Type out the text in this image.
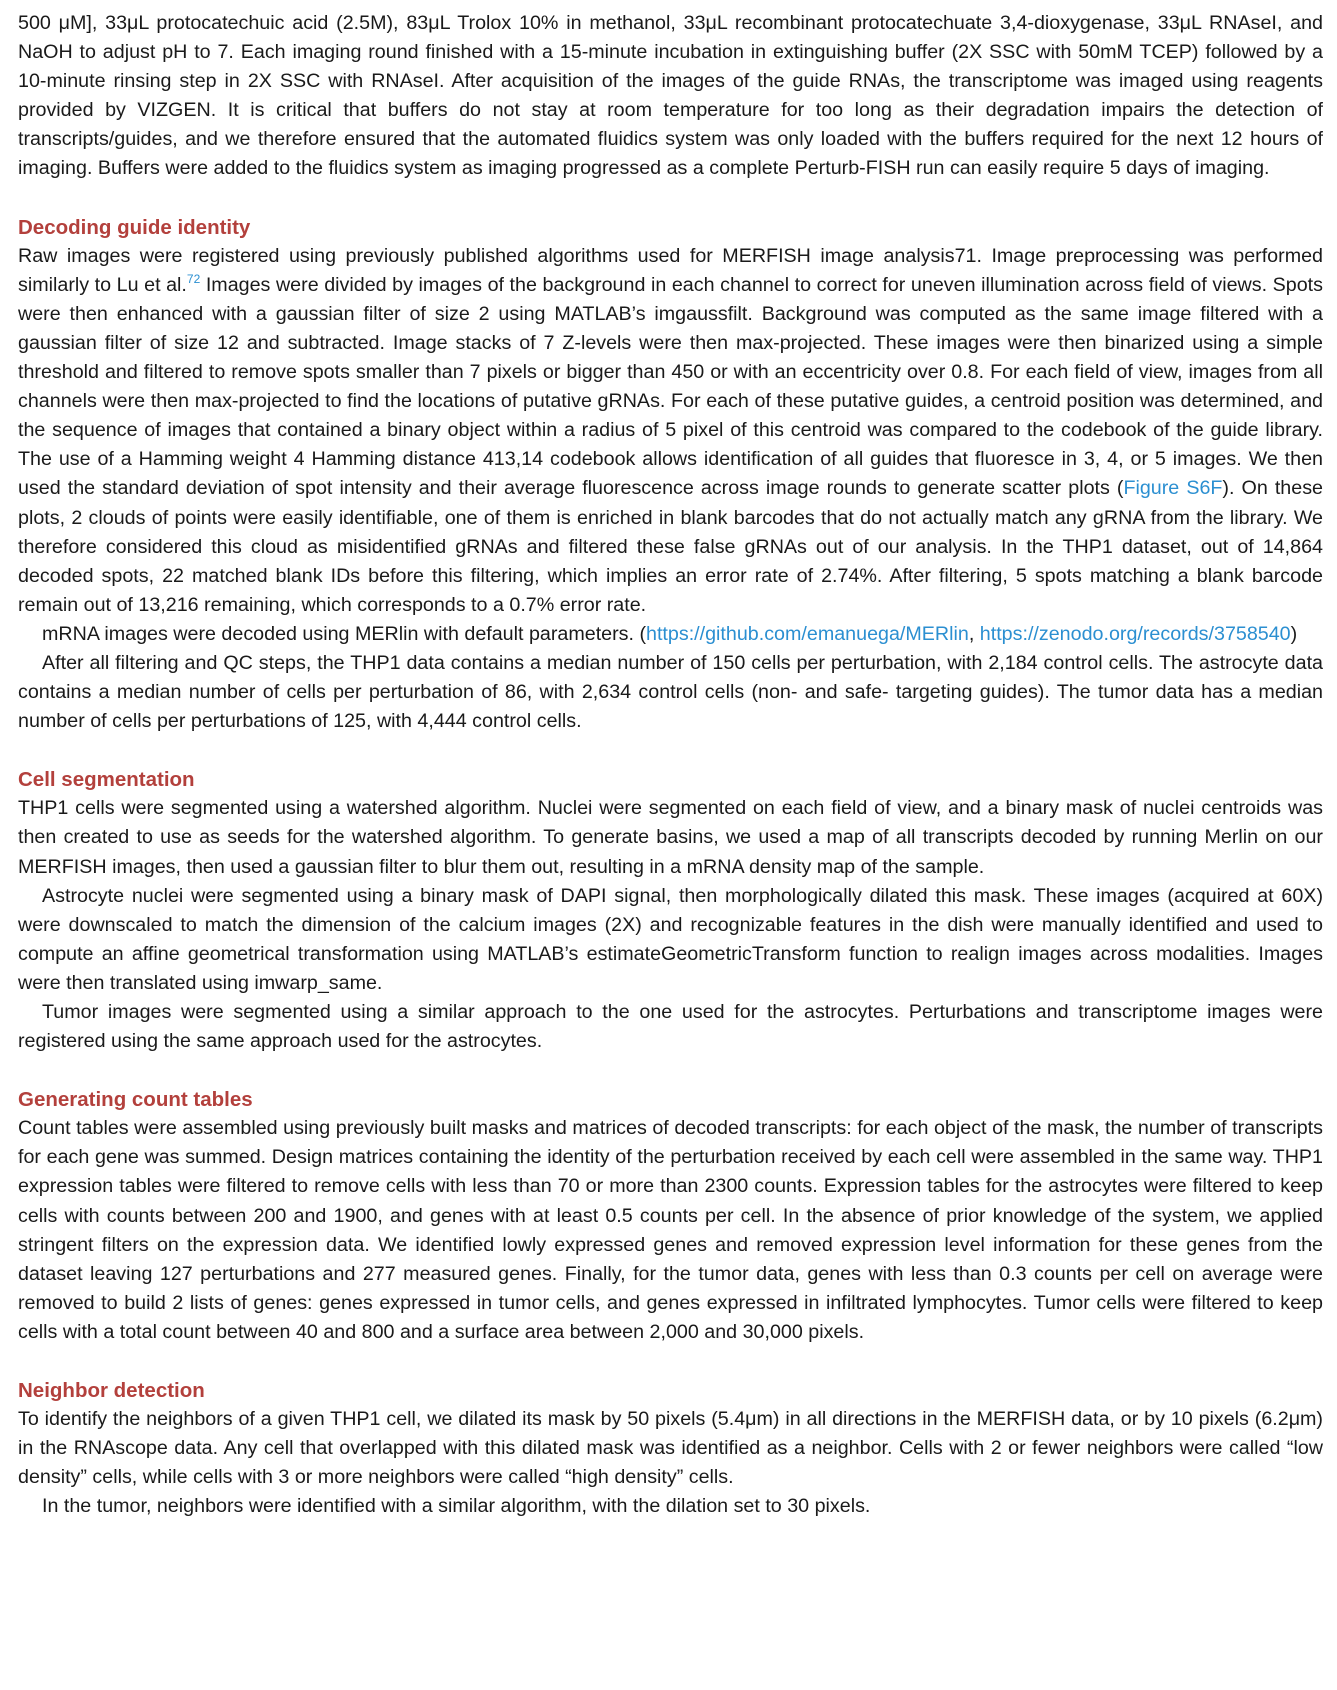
500 μM], 33μL protocatechuic acid (2.5M), 83μL Trolox 10% in methanol, 33μL recombinant protocatechuate 3,4-dioxygenase, 33μL RNAseI, and NaOH to adjust pH to 7. Each imaging round finished with a 15-minute incubation in extinguishing buffer (2X SSC with 50mM TCEP) followed by a 10-minute rinsing step in 2X SSC with RNAseI. After acquisition of the images of the guide RNAs, the transcriptome was imaged using reagents provided by VIZGEN. It is critical that buffers do not stay at room temperature for too long as their degradation impairs the detection of transcripts/guides, and we therefore ensured that the automated fluidics system was only loaded with the buffers required for the next 12 hours of imaging. Buffers were added to the fluidics system as imaging progressed as a complete Perturb-FISH run can easily require 5 days of imaging.

Decoding guide identity

Raw images were registered using previously published algorithms used for MERFISH image analysis71. Image preprocessing was performed similarly to Lu et al.$^{72}$ Images were divided by images of the background in each channel to correct for uneven illumination across field of views. Spots were then enhanced with a gaussian filter of size 2 using MATLAB’s imgaussfilt. Background was computed as the same image filtered with a gaussian filter of size 12 and subtracted. Image stacks of 7 Z-levels were then max-projected. These images were then binarized using a simple threshold and filtered to remove spots smaller than 7 pixels or bigger than 450 or with an eccentricity over 0.8. For each field of view, images from all channels were then max-projected to find the locations of putative gRNAs. For each of these putative guides, a centroid position was determined, and the sequence of images that contained a binary object within a radius of 5 pixel of this centroid was compared to the codebook of the guide library. The use of a Hamming weight 4 Hamming distance 413,14 codebook allows identification of all guides that fluoresce in 3, 4, or 5 images. We then used the standard deviation of spot intensity and their average fluorescence across image rounds to generate scatter plots (Figure S6F). On these plots, 2 clouds of points were easily identifiable, one of them is enriched in blank barcodes that do not actually match any gRNA from the library. We therefore considered this cloud as misidentified gRNAs and filtered these false gRNAs out of our analysis. In the THP1 dataset, out of 14,864 decoded spots, 22 matched blank IDs before this filtering, which implies an error rate of 2.74%. After filtering, 5 spots matching a blank barcode remain out of 13,216 remaining, which corresponds to a 0.7% error rate.

mRNA images were decoded using MERlin with default parameters. (https://github.com/emanuega/MERlin, https://zenodo.org/records/3758540)

After all filtering and QC steps, the THP1 data contains a median number of 150 cells per perturbation, with 2,184 control cells. The astrocyte data contains a median number of cells per perturbation of 86, with 2,634 control cells (non- and safe- targeting guides). The tumor data has a median number of cells per perturbations of 125, with 4,444 control cells.

Cell segmentation

THP1 cells were segmented using a watershed algorithm. Nuclei were segmented on each field of view, and a binary mask of nuclei centroids was then created to use as seeds for the watershed algorithm. To generate basins, we used a map of all transcripts decoded by running Merlin on our MERFISH images, then used a gaussian filter to blur them out, resulting in a mRNA density map of the sample.

Astrocyte nuclei were segmented using a binary mask of DAPI signal, then morphologically dilated this mask. These images (acquired at 60X) were downscaled to match the dimension of the calcium images (2X) and recognizable features in the dish were manually identified and used to compute an affine geometrical transformation using MATLAB’s estimateGeometricTransform function to realign images across modalities. Images were then translated using imwarp_same.

Tumor images were segmented using a similar approach to the one used for the astrocytes. Perturbations and transcriptome images were registered using the same approach used for the astrocytes.

Generating count tables

Count tables were assembled using previously built masks and matrices of decoded transcripts: for each object of the mask, the number of transcripts for each gene was summed. Design matrices containing the identity of the perturbation received by each cell were assembled in the same way. THP1 expression tables were filtered to remove cells with less than 70 or more than 2300 counts. Expression tables for the astrocytes were filtered to keep cells with counts between 200 and 1900, and genes with at least 0.5 counts per cell. In the absence of prior knowledge of the system, we applied stringent filters on the expression data. We identified lowly expressed genes and removed expression level information for these genes from the dataset leaving 127 perturbations and 277 measured genes. Finally, for the tumor data, genes with less than 0.3 counts per cell on average were removed to build 2 lists of genes: genes expressed in tumor cells, and genes expressed in infiltrated lymphocytes. Tumor cells were filtered to keep cells with a total count between 40 and 800 and a surface area between 2,000 and 30,000 pixels.

Neighbor detection

To identify the neighbors of a given THP1 cell, we dilated its mask by 50 pixels (5.4μm) in all directions in the MERFISH data, or by 10 pixels (6.2μm) in the RNAscope data. Any cell that overlapped with this dilated mask was identified as a neighbor. Cells with 2 or fewer neighbors were called “low density” cells, while cells with 3 or more neighbors were called “high density” cells.

In the tumor, neighbors were identified with a similar algorithm, with the dilation set to 30 pixels.
